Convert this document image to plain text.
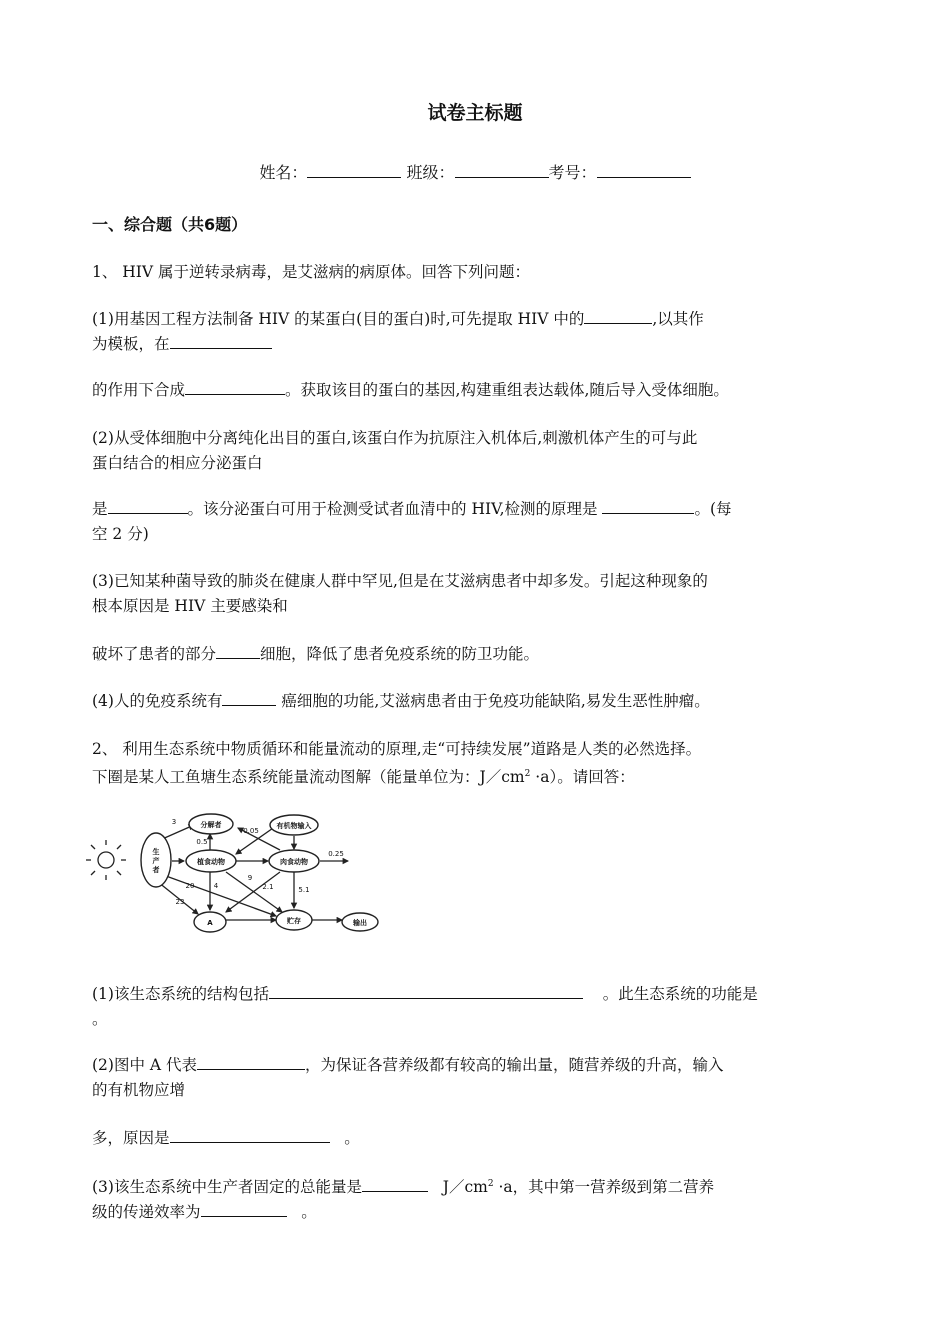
试卷主标题
姓名：	班级：	考号：
一、综合题（共6题）
1、 HIV 属于逆转录病毒，是艾滋病的病原体。回答下列问题：
(1)用基因工程方法制备 HIV 的某蛋白(目的蛋白)时,可先提取 HIV 中的	,以其作
为模板，在
的作用下合成	。获取该目的蛋白的基因,构建重组表达载体,随后导入受体细胞。
(2)从受体细胞中分离纯化出目的蛋白,该蛋白作为抗原注入机体后,刺激机体产生的可与此
蛋白结合的相应分泌蛋白
是	。该分泌蛋白可用于检测受试者血清中的 HIV,检测的原理是	。(每
空 2 分)
(3)已知某种菌导致的肺炎在健康人群中罕见,但是在艾滋病患者中却多发。引起这种现象的
根本原因是 HIV 主要感染和
破坏了患者的部分	细胞，降低了患者免疫系统的防卫功能。
(4)人的免疫系统有	癌细胞的功能,艾滋病患者由于免疫功能缺陷,易发生恶性肿瘤。
2、 利用生态系统中物质循环和能量流动的原理,走“可持续发展”道路是人类的必然选择。
下圈是某人工鱼塘生态系统能量流动图解（能量单位为：$J/cm^2 \cdot a$）。请回答：
生
产
者
分解者	有机物输入
植食动物	肉食动物
A	贮存	输出
3
0.5
0.05
0.25
4
9
2.1	5.1
20
23
(1)该生态系统的结构包括	。此生态系统的功能是
。
(2)图中 A 代表	，为保证各营养级都有较高的输出量，随营养级的升高，输入
的有机物应增
多，原因是	。
(3)该生态系统中生产者固定的总能量是	$J/cm^2 \cdot a$，其中第一营养级到第二营养
级的传递效率为	。
